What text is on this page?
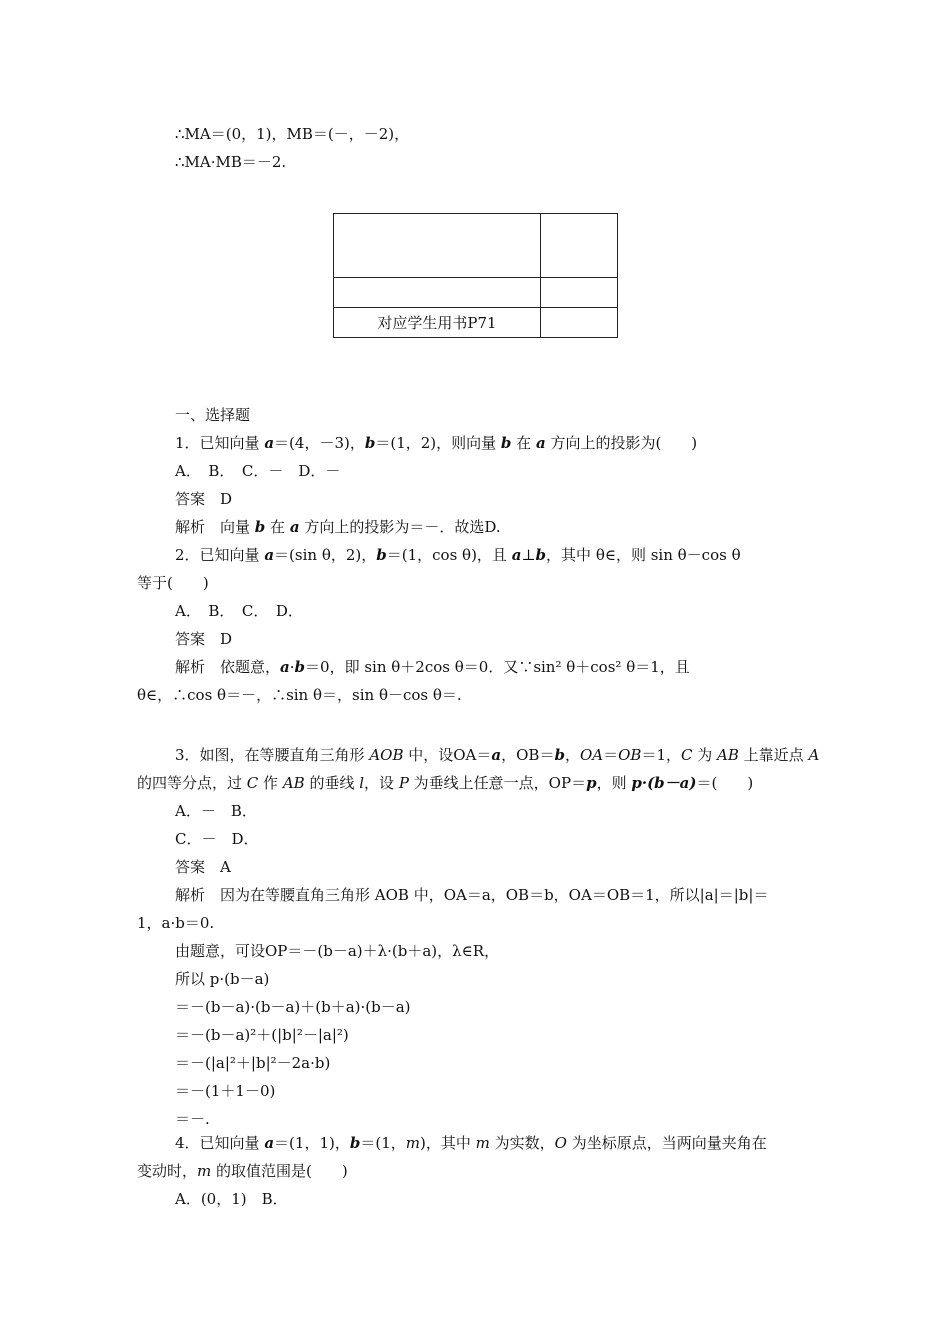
∴MA＝(0，1)，MB＝(－，－2)，
∴MA·MB＝－2.

对应学生用书P71	
一、选择题
1．已知向量 a＝(4，－3)，b＝(1，2)，则向量 b 在 a 方向上的投影为(　　)
A．　B．　C．－　D．－
答案　D
解析　向量 b 在 a 方向上的投影为＝－．故选D.
2．已知向量 a＝(sin θ，2)，b＝(1，cos θ)，且 a⊥b，其中 θ∈，则 sin θ－cos θ
等于(　　)
A．　B．　C．　D．
答案　D
解析　依题意，a·b＝0，即 sin θ＋2cos θ＝0．又∵sin² θ＋cos² θ＝1，且
θ∈，∴cos θ＝－，∴sin θ＝，sin θ－cos θ＝.
3．如图，在等腰直角三角形 AOB 中，设OA＝a，OB＝b，OA＝OB＝1，C 为 AB 上靠近点 A
的四等分点，过 C 作 AB 的垂线 l，设 P 为垂线上任意一点，OP＝p，则 p·(b－a)＝(　　)
A．－　B．
C．－　D．
答案　A
解析　因为在等腰直角三角形 AOB 中，OA＝a，OB＝b，OA＝OB＝1，所以|a|＝|b|＝
1，a·b＝0.
由题意，可设OP＝－(b－a)＋λ·(b＋a)，λ∈R，
所以 p·(b－a)
＝－(b－a)·(b－a)＋(b＋a)·(b－a)
＝－(b－a)²＋(|b|²－|a|²)
＝－(|a|²＋|b|²－2a·b)
＝－(1＋1－0)
＝－.
4．已知向量 a＝(1，1)，b＝(1，m)，其中 m 为实数，O 为坐标原点，当两向量夹角在
变动时，m 的取值范围是(　　)
A．(0，1)　B．
